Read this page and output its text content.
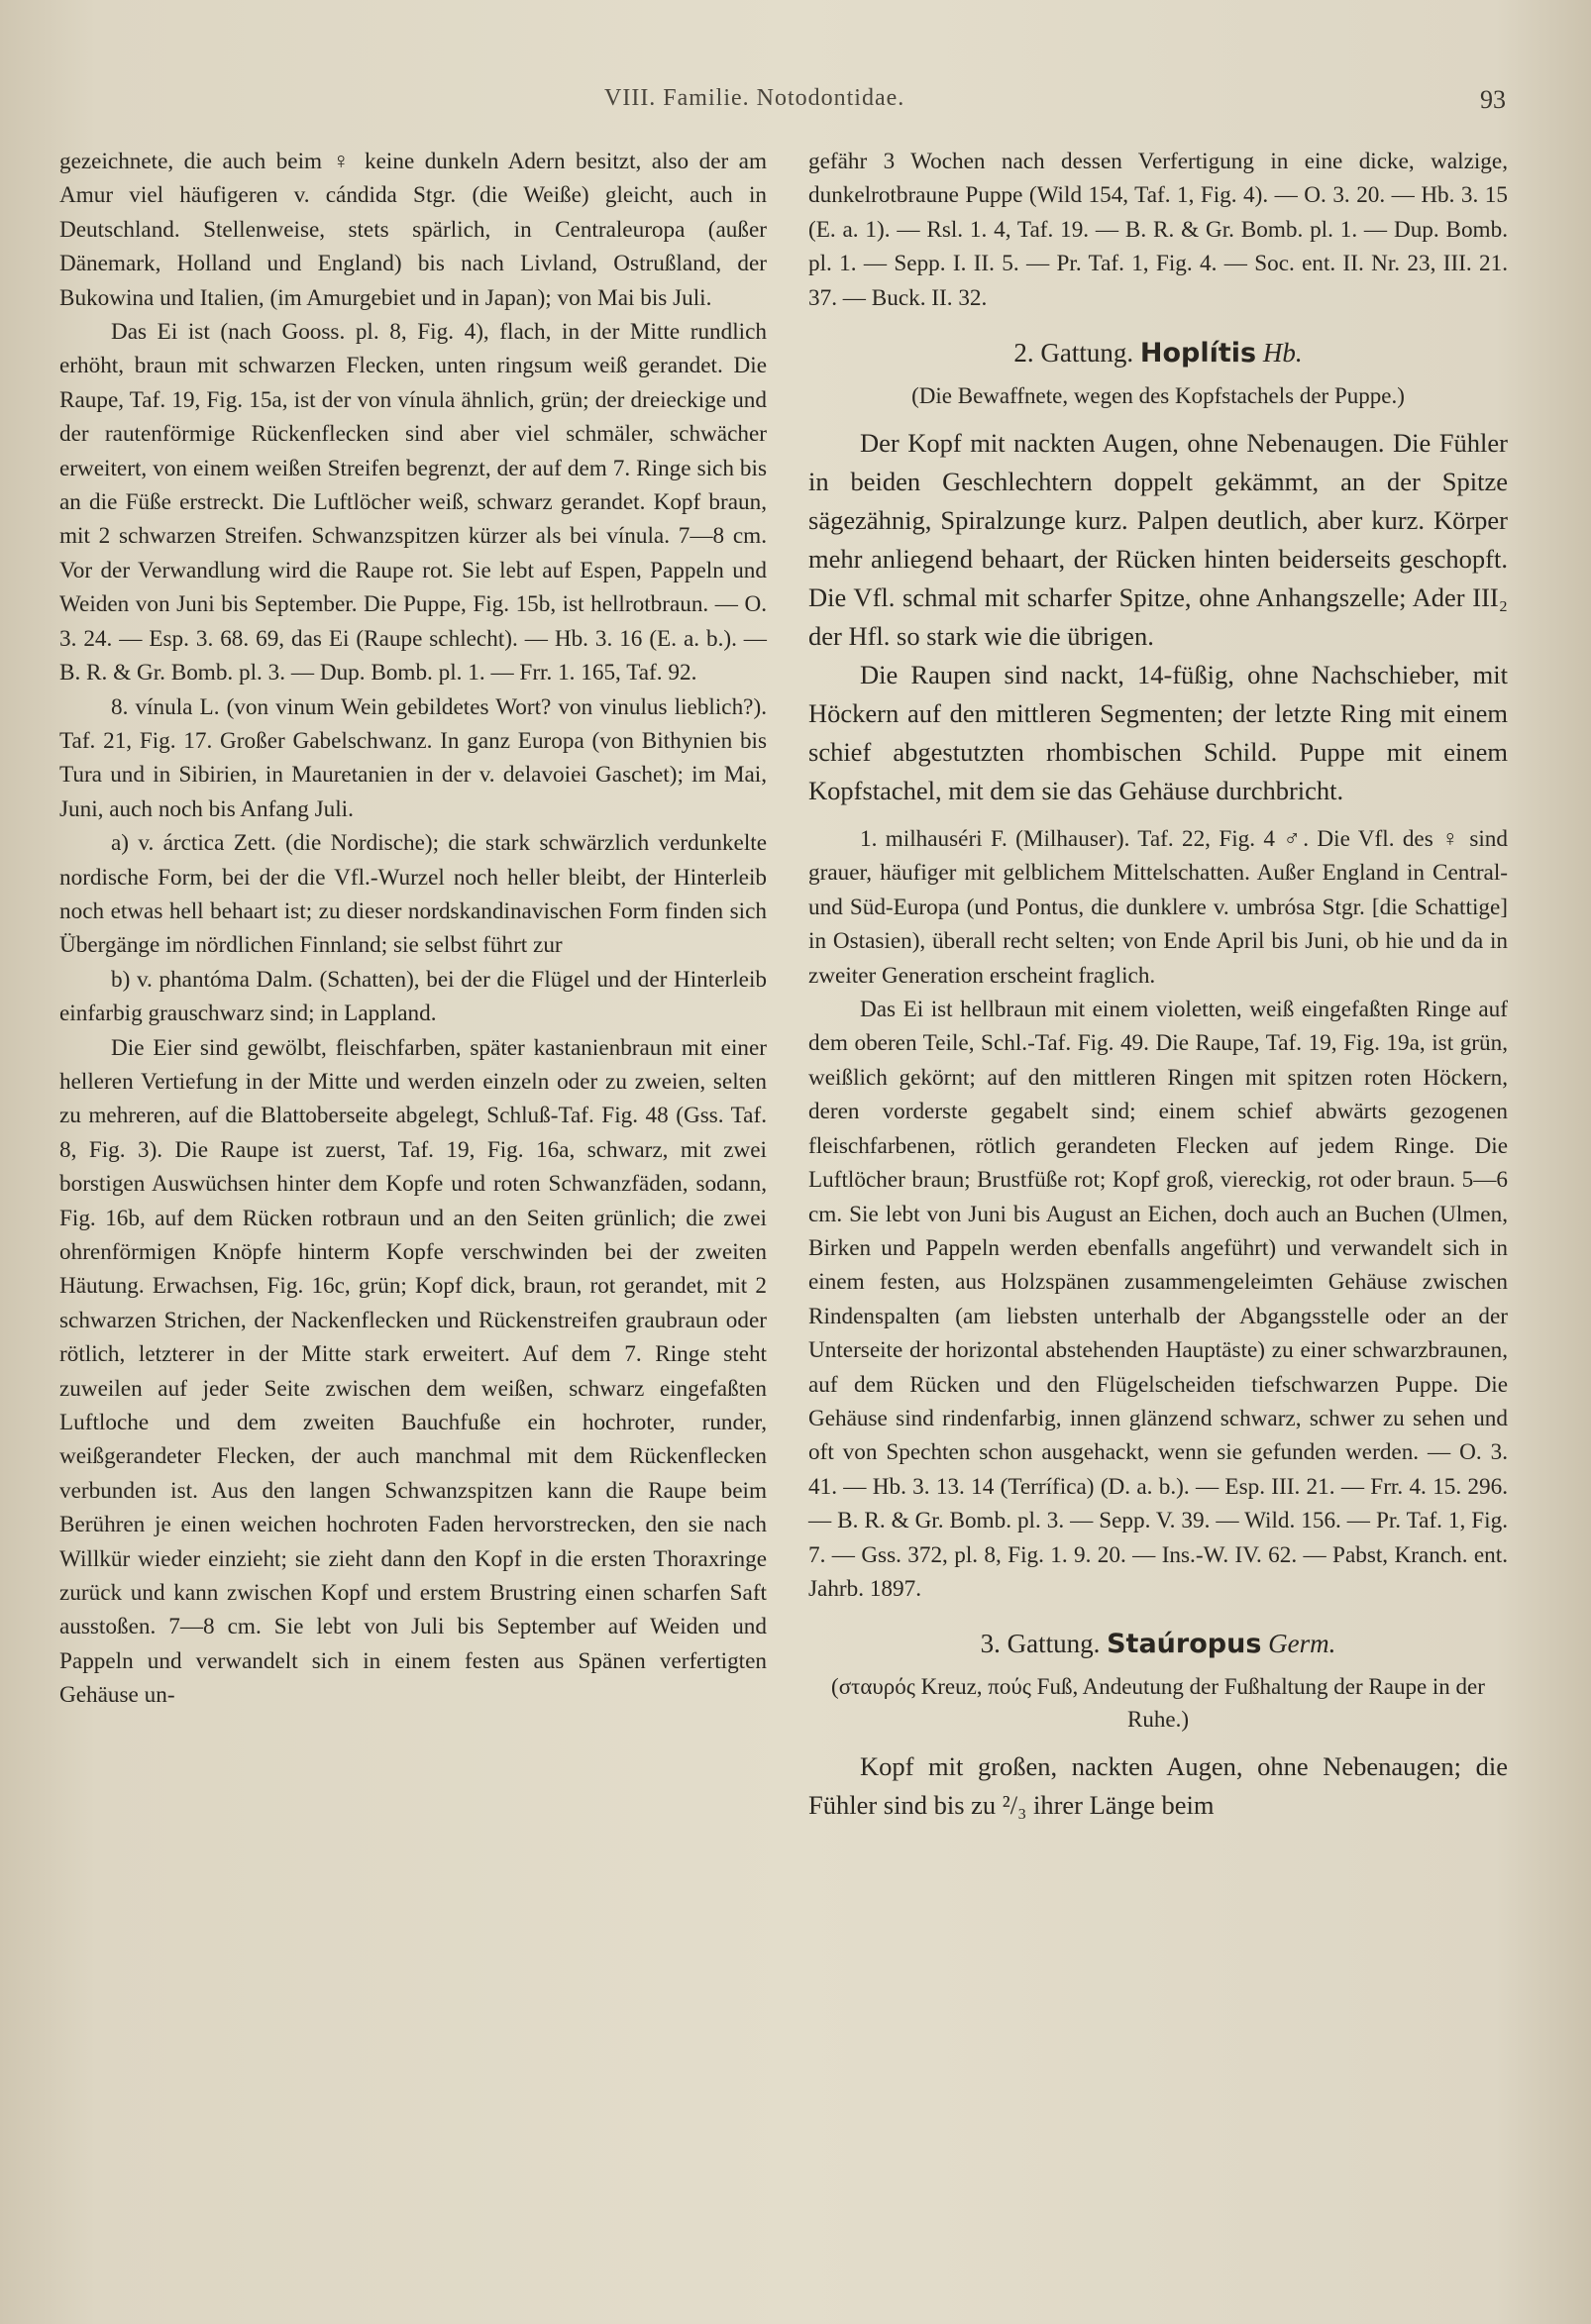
VIII. Familie. Notodontidae.	93

gezeichnete, die auch beim ♀ keine dunkeln Adern besitzt, also der am Amur viel häufigeren v. cándida Stgr. (die Weiße) gleicht, auch in Deutschland. Stellenweise, stets spärlich, in Centraleuropa (außer Dänemark, Holland und England) bis nach Livland, Ostrußland, der Bukowina und Italien, (im Amurgebiet und in Japan); von Mai bis Juli.

Das Ei ist (nach Gooss. pl. 8, Fig. 4), flach, in der Mitte rundlich erhöht, braun mit schwarzen Flecken, unten ringsum weiß gerandet. Die Raupe, Taf. 19, Fig. 15a, ist der von vínula ähnlich, grün; der dreieckige und der rautenförmige Rückenflecken sind aber viel schmäler, schwächer erweitert, von einem weißen Streifen begrenzt, der auf dem 7. Ringe sich bis an die Füße erstreckt. Die Luftlöcher weiß, schwarz gerandet. Kopf braun, mit 2 schwarzen Streifen. Schwanzspitzen kürzer als bei vínula. 7—8 cm. Vor der Verwandlung wird die Raupe rot. Sie lebt auf Espen, Pappeln und Weiden von Juni bis September. Die Puppe, Fig. 15b, ist hellrotbraun. — O. 3. 24. — Esp. 3. 68. 69, das Ei (Raupe schlecht). — Hb. 3. 16 (E. a. b.). — B. R. & Gr. Bomb. pl. 3. — Dup. Bomb. pl. 1. — Frr. 1. 165, Taf. 92.

8. vínula L. (von vinum Wein gebildetes Wort? von vinulus lieblich?). Taf. 21, Fig. 17. Großer Gabelschwanz. In ganz Europa (von Bithynien bis Tura und in Sibirien, in Mauretanien in der v. delavoiei Gaschet); im Mai, Juni, auch noch bis Anfang Juli.

a) v. árctica Zett. (die Nordische); die stark schwärzlich verdunkelte nordische Form, bei der die Vfl.-Wurzel noch heller bleibt, der Hinterleib noch etwas hell behaart ist; zu dieser nordskandinavischen Form finden sich Übergänge im nördlichen Finnland; sie selbst führt zur

b) v. phantóma Dalm. (Schatten), bei der die Flügel und der Hinterleib einfarbig grauschwarz sind; in Lappland.

Die Eier sind gewölbt, fleischfarben, später kastanienbraun mit einer helleren Vertiefung in der Mitte und werden einzeln oder zu zweien, selten zu mehreren, auf die Blattoberseite abgelegt, Schluß-Taf. Fig. 48 (Gss. Taf. 8, Fig. 3). Die Raupe ist zuerst, Taf. 19, Fig. 16a, schwarz, mit zwei borstigen Auswüchsen hinter dem Kopfe und roten Schwanzfäden, sodann, Fig. 16b, auf dem Rücken rotbraun und an den Seiten grünlich; die zwei ohrenförmigen Knöpfe hinterm Kopfe verschwinden bei der zweiten Häutung. Erwachsen, Fig. 16c, grün; Kopf dick, braun, rot gerandet, mit 2 schwarzen Strichen, der Nackenflecken und Rückenstreifen graubraun oder rötlich, letzterer in der Mitte stark erweitert. Auf dem 7. Ringe steht zuweilen auf jeder Seite zwischen dem weißen, schwarz eingefaßten Luftloche und dem zweiten Bauchfuße ein hochroter, runder, weißgerandeter Flecken, der auch manchmal mit dem Rückenflecken verbunden ist. Aus den langen Schwanzspitzen kann die Raupe beim Berühren je einen weichen hochroten Faden hervorstrecken, den sie nach Willkür wieder einzieht; sie zieht dann den Kopf in die ersten Thoraxringe zurück und kann zwischen Kopf und erstem Brustring einen scharfen Saft ausstoßen. 7—8 cm. Sie lebt von Juli bis September auf Weiden und Pappeln und verwandelt sich in einem festen aus Spänen verfertigten Gehäuse un-

gefähr 3 Wochen nach dessen Verfertigung in eine dicke, walzige, dunkelrotbraune Puppe (Wild 154, Taf. 1, Fig. 4). — O. 3. 20. — Hb. 3. 15 (E. a. 1). — Rsl. 1. 4, Taf. 19. — B. R. & Gr. Bomb. pl. 1. — Dup. Bomb. pl. 1. — Sepp. I. II. 5. — Pr. Taf. 1, Fig. 4. — Soc. ent. II. Nr. 23, III. 21. 37. — Buck. II. 32.

2. Gattung. Hoplítis Hb.

(Die Bewaffnete, wegen des Kopfstachels der Puppe.)

Der Kopf mit nackten Augen, ohne Nebenaugen. Die Fühler in beiden Geschlechtern doppelt gekämmt, an der Spitze sägezähnig, Spiralzunge kurz. Palpen deutlich, aber kurz. Körper mehr anliegend behaart, der Rücken hinten beiderseits geschopft. Die Vfl. schmal mit scharfer Spitze, ohne Anhangszelle; Ader III₂ der Hfl. so stark wie die übrigen.

Die Raupen sind nackt, 14-füßig, ohne Nachschieber, mit Höckern auf den mittleren Segmenten; der letzte Ring mit einem schief abgestutzten rhombischen Schild. Puppe mit einem Kopfstachel, mit dem sie das Gehäuse durchbricht.

1. milhauséri F. (Milhauser). Taf. 22, Fig. 4 ♂. Die Vfl. des ♀ sind grauer, häufiger mit gelblichem Mittelschatten. Außer England in Central- und Süd-Europa (und Pontus, die dunklere v. umbrósa Stgr. [die Schattige] in Ostasien), überall recht selten; von Ende April bis Juni, ob hie und da in zweiter Generation erscheint fraglich.

Das Ei ist hellbraun mit einem violetten, weiß eingefaßten Ringe auf dem oberen Teile, Schl.-Taf. Fig. 49. Die Raupe, Taf. 19, Fig. 19a, ist grün, weißlich gekörnt; auf den mittleren Ringen mit spitzen roten Höckern, deren vorderste gegabelt sind; einem schief abwärts gezogenen fleischfarbenen, rötlich gerandeten Flecken auf jedem Ringe. Die Luftlöcher braun; Brustfüße rot; Kopf groß, viereckig, rot oder braun. 5—6 cm. Sie lebt von Juni bis August an Eichen, doch auch an Buchen (Ulmen, Birken und Pappeln werden ebenfalls angeführt) und verwandelt sich in einem festen, aus Holzspänen zusammengeleimten Gehäuse zwischen Rindenspalten (am liebsten unterhalb der Abgangsstelle oder an der Unterseite der horizontal abstehenden Hauptäste) zu einer schwarzbraunen, auf dem Rücken und den Flügelscheiden tiefschwarzen Puppe. Die Gehäuse sind rindenfarbig, innen glänzend schwarz, schwer zu sehen und oft von Spechten schon ausgehackt, wenn sie gefunden werden. — O. 3. 41. — Hb. 3. 13. 14 (Terrífica) (D. a. b.). — Esp. III. 21. — Frr. 4. 15. 296. — B. R. & Gr. Bomb. pl. 3. — Sepp. V. 39. — Wild. 156. — Pr. Taf. 1, Fig. 7. — Gss. 372, pl. 8, Fig. 1. 9. 20. — Ins.-W. IV. 62. — Pabst, Kranch. ent. Jahrb. 1897.

3. Gattung. Staúropus Germ.

(σταυρός Kreuz, πούς Fuß, Andeutung der Fußhaltung der Raupe in der Ruhe.)

Kopf mit großen, nackten Augen, ohne Nebenaugen; die Fühler sind bis zu ²/₃ ihrer Länge beim
